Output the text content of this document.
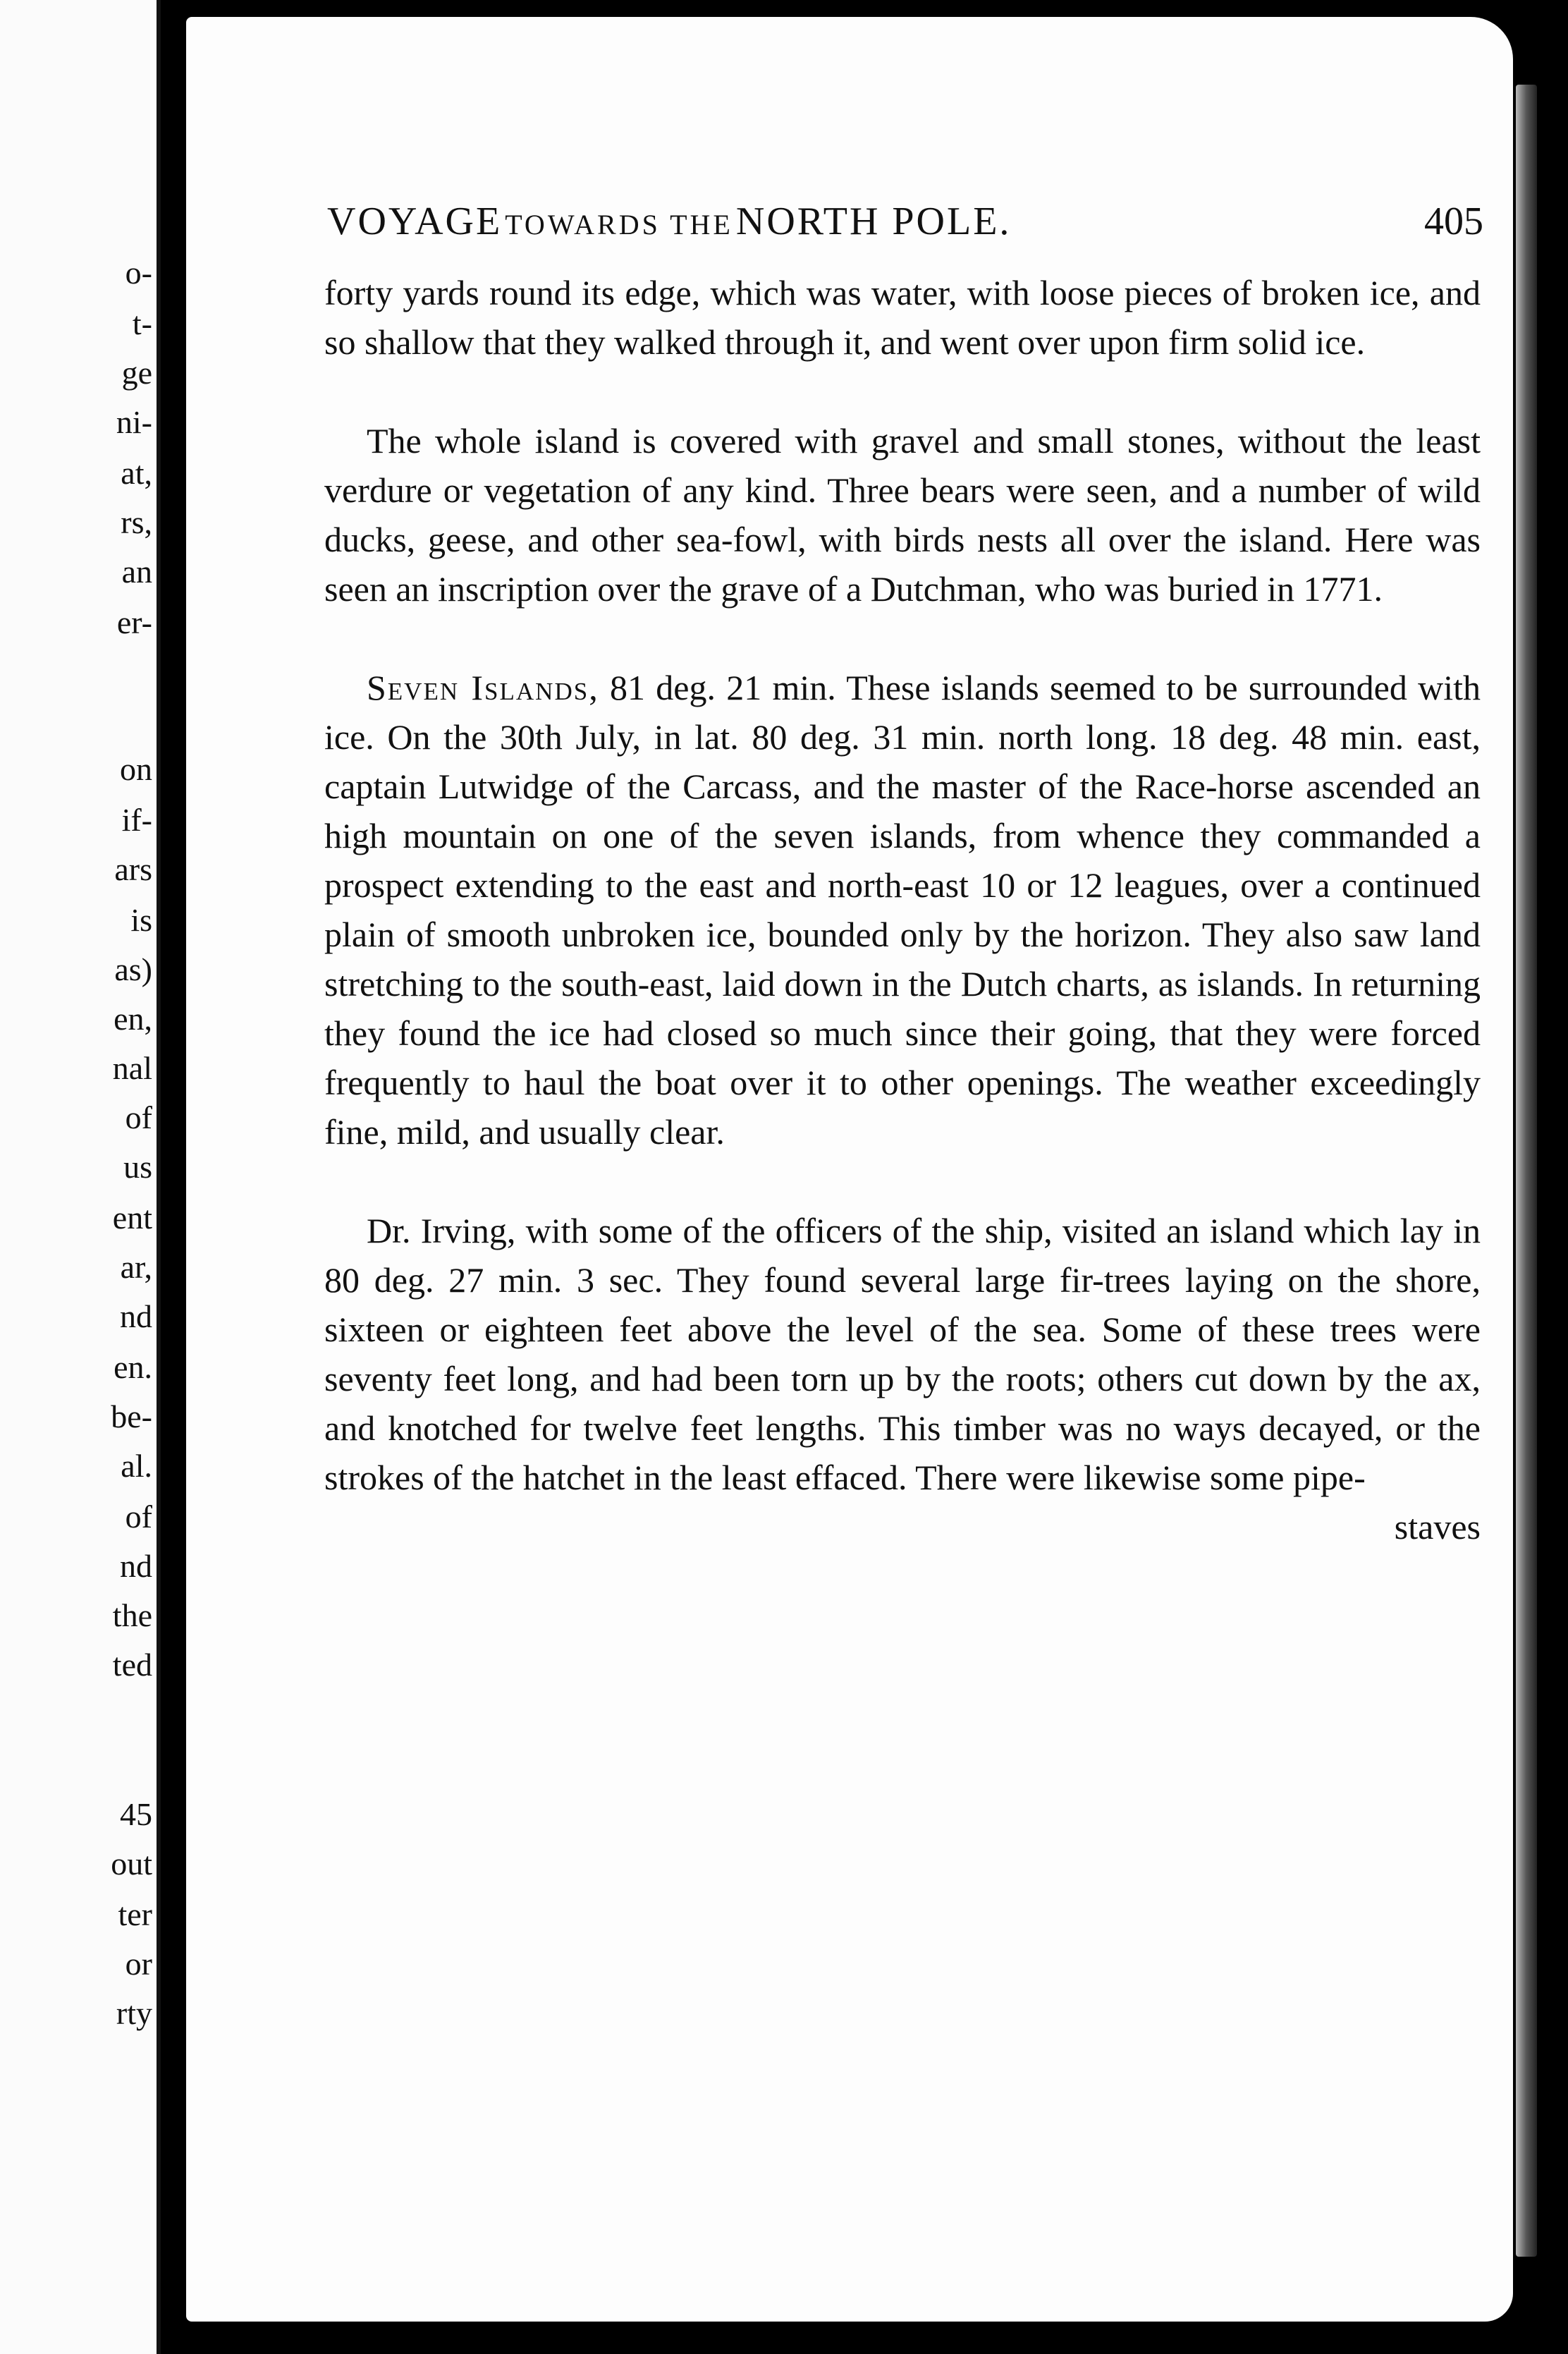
o-
t-
ge
ni-
at,
rs,
an
er-
on
if-
ars
is
as)
en,
nal
of
us
ent
ar,
nd
en.
be-
al.
of
nd
the
ted
45
out
ter
or
rty
VOYAGE TOWARDS THE NORTH POLE.	405

forty yards round its edge, which was water, with loose pieces of broken ice, and so shallow that they walked through it, and went over upon firm solid ice.

The whole island is covered with gravel and small stones, without the least verdure or vegetation of any kind. Three bears were seen, and a number of wild ducks, geese, and other sea-fowl, with birds nests all over the island. Here was seen an inscription over the grave of a Dutchman, who was buried in 1771.

Seven Islands, 81 deg. 21 min. These islands seemed to be surrounded with ice. On the 30th July, in lat. 80 deg. 31 min. north long. 18 deg. 48 min. east, captain Lutwidge of the Carcass, and the master of the Race-horse ascended an high mountain on one of the seven islands, from whence they commanded a prospect extending to the east and north-east 10 or 12 leagues, over a continued plain of smooth unbroken ice, bounded only by the horizon. They also saw land stretching to the south-east, laid down in the Dutch charts, as islands. In returning they found the ice had closed so much since their going, that they were forced frequently to haul the boat over it to other openings. The weather exceedingly fine, mild, and usually clear.

Dr. Irving, with some of the officers of the ship, visited an island which lay in 80 deg. 27 min. 3 sec. They found several large fir-trees laying on the shore, sixteen or eighteen feet above the level of the sea. Some of these trees were seventy feet long, and had been torn up by the roots; others cut down by the ax, and knotched for twelve feet lengths. This timber was no ways decayed, or the strokes of the hatchet in the least effaced. There were likewise some pipe-

staves
